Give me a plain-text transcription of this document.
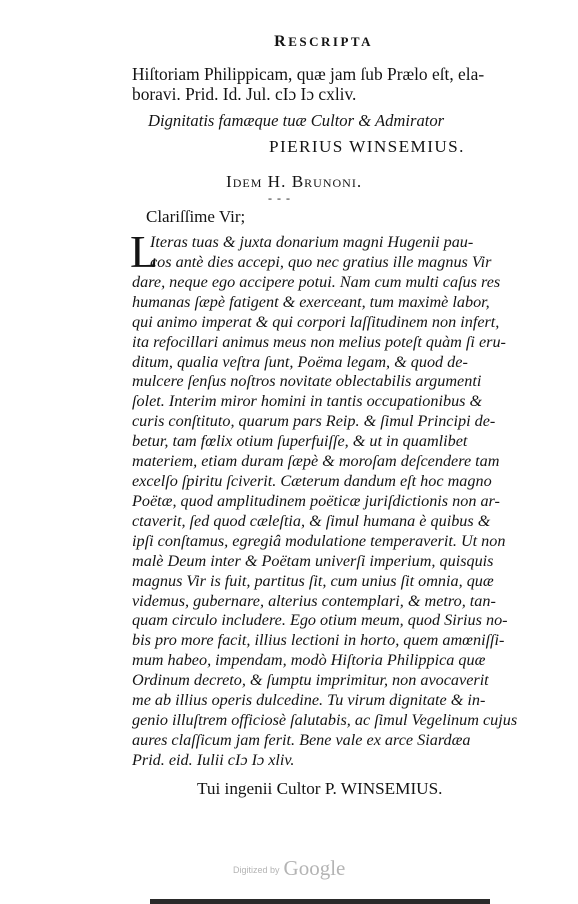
RESCRIPTA
Hiſtoriam Philippicam, quæ jam ſub Prælo eſt, ela-
boravi. Prid. Id. Jul. cIɔ Iɔ cxliv.
Dignitatis famæque tuæ Cultor & Admirator
PIERIUS WINSEMIUS.
Idem H. Brunoni.
- - -
Clariſſime Vir;
L
Iteras tuas & juxta donarium magni Hugenii pau-
cos antè dies accepi, quo nec gratius ille magnus Vir
dare, neque ego accipere potui. Nam cum multi caſus res
humanas ſæpè fatigent & exerceant, tum maximè labor,
qui animo imperat & qui corpori laſſitudinem non infert,
ita refocillari animus meus non melius poteſt quàm ſi eru-
ditum, qualia veſtra ſunt, Poëma legam, & quod de-
mulcere ſenſus noſtros novitate oblectabilis argumenti
ſolet. Interim miror homini in tantis occupationibus &
curis conſtituto, quarum pars Reip. & ſimul Principi de-
betur, tam fœlix otium ſuperfuiſſe, & ut in quamlibet
materiem, etiam duram ſæpè & moroſam deſcendere tam
excelſo ſpiritu ſciverit. Cæterum dandum eſt hoc magno
Poëtæ, quod amplitudinem poëticæ juriſdictionis non ar-
ctaverit, ſed quod cæleſtia, & ſimul humana è quibus &
ipſi conſtamus, egregiâ modulatione temperaverit. Ut non
malè Deum inter & Poëtam univerſi imperium, quisquis
magnus Vir is fuit, partitus ſit, cum unius ſit omnia, quæ
videmus, gubernare, alterius contemplari, & metro, tan-
quam circulo includere. Ego otium meum, quod Sirius no-
bis pro more facit, illius lectioni in horto, quem amœniſſi-
mum habeo, impendam, modò Hiſtoria Philippica quæ
Ordinum decreto, & ſumptu imprimitur, non avocaverit
me ab illius operis dulcedine. Tu virum dignitate & in-
genio illuſtrem officiosè ſalutabis, ac ſimul Vegelinum cujus
aures claſſicum jam ferit. Bene vale ex arce Siardæa
Prid. eid. Iulii cIɔ Iɔ xliv.
Tui ingenii Cultor P. WINSEMIUS.
Digitized by Google
